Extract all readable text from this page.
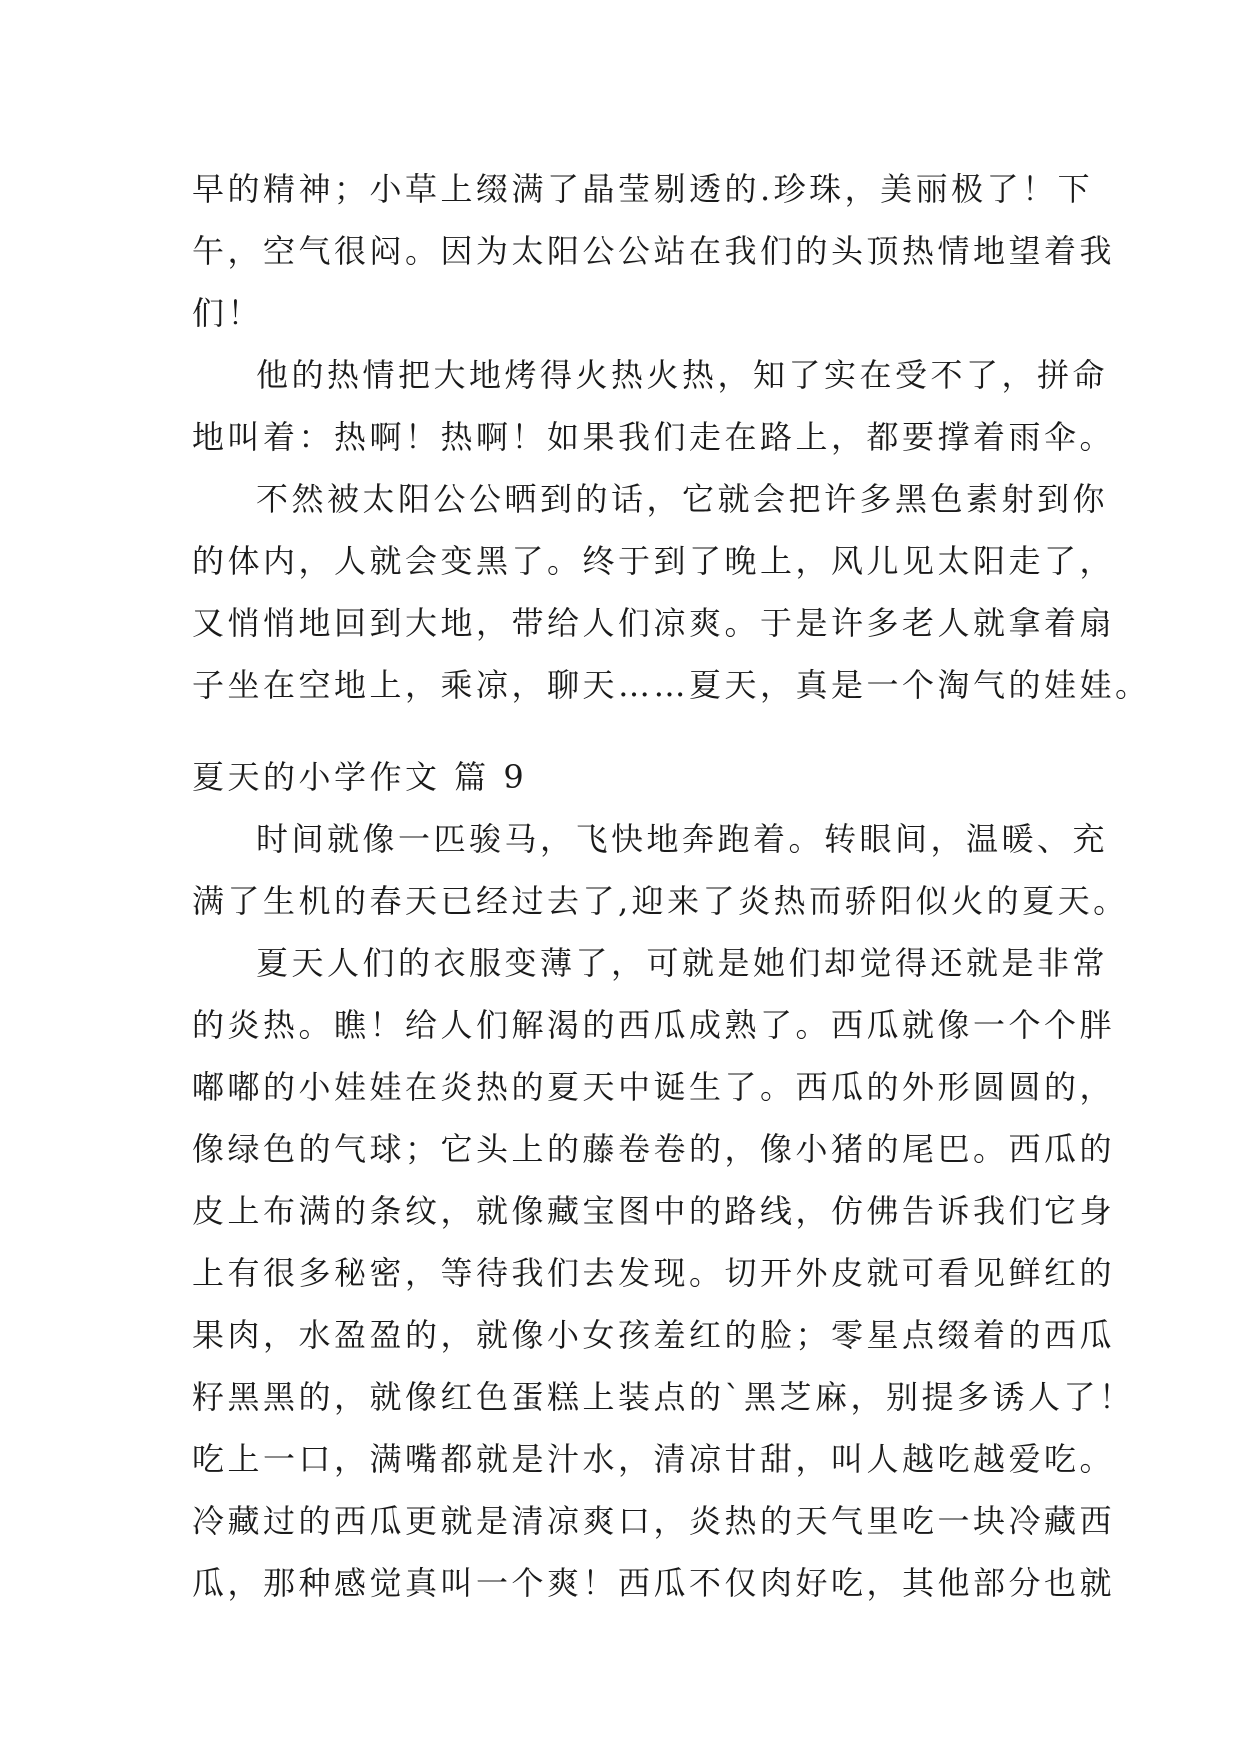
早的精神；小草上缀满了晶莹剔透的.珍珠，美丽极了！下
午，空气很闷。因为太阳公公站在我们的头顶热情地望着我
们！
他的热情把大地烤得火热火热，知了实在受不了，拼命
地叫着：热啊！热啊！如果我们走在路上，都要撑着雨伞。
不然被太阳公公晒到的话，它就会把许多黑色素射到你
的体内，人就会变黑了。终于到了晚上，风儿见太阳走了，
又悄悄地回到大地，带给人们凉爽。于是许多老人就拿着扇
子坐在空地上，乘凉，聊天……夏天，真是一个淘气的娃娃。
夏天的小学作文 篇 9
时间就像一匹骏马，飞快地奔跑着。转眼间，温暖、充
满了生机的春天已经过去了,迎来了炎热而骄阳似火的夏天。
夏天人们的衣服变薄了，可就是她们却觉得还就是非常
的炎热。瞧！给人们解渴的西瓜成熟了。西瓜就像一个个胖
嘟嘟的小娃娃在炎热的夏天中诞生了。西瓜的外形圆圆的，
像绿色的气球；它头上的藤卷卷的，像小猪的尾巴。西瓜的
皮上布满的条纹，就像藏宝图中的路线，仿佛告诉我们它身
上有很多秘密，等待我们去发现。切开外皮就可看见鲜红的
果肉，水盈盈的，就像小女孩羞红的脸；零星点缀着的西瓜
籽黑黑的，就像红色蛋糕上装点的`黑芝麻，别提多诱人了！
吃上一口，满嘴都就是汁水，清凉甘甜，叫人越吃越爱吃。
冷藏过的西瓜更就是清凉爽口，炎热的天气里吃一块冷藏西
瓜，那种感觉真叫一个爽！西瓜不仅肉好吃，其他部分也就
